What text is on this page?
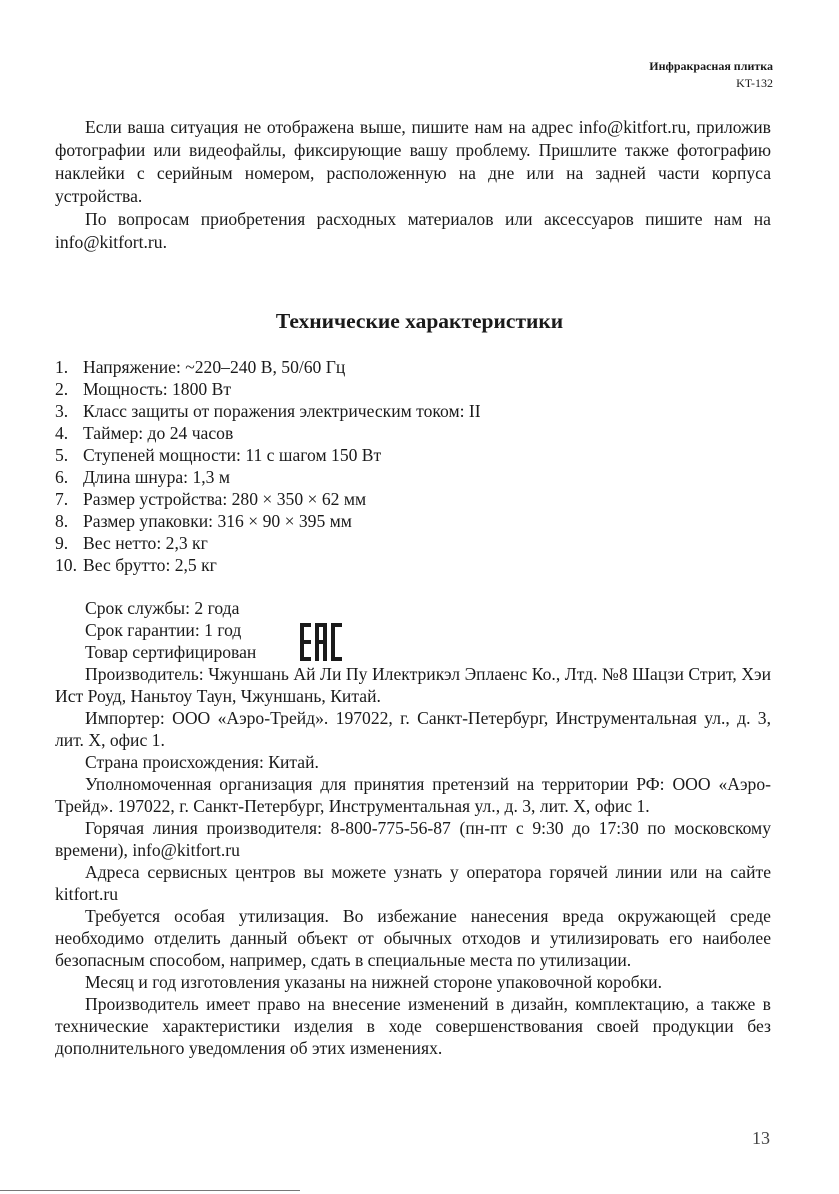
Инфракрасная плитка
KT-132

Если ваша ситуация не отображена выше, пишите нам на адрес info@kitfort.ru, приложив фотографии или видеофайлы, фиксирующие вашу проблему. Пришлите также фотографию наклейки с серийным номером, расположенную на дне или на задней части корпуса устройства.

По вопросам приобретения расходных материалов или аксессуаров пишите нам на info@kitfort.ru.

Технические характеристики
1. Напряжение: ~220–240 В, 50/60 Гц
2. Мощность: 1800 Вт
3. Класс защиты от поражения электрическим током: II
4. Таймер: до 24 часов
5. Ступеней мощности: 11 с шагом 150 Вт
6. Длина шнура: 1,3 м
7. Размер устройства: 280 × 350 × 62 мм
8. Размер упаковки: 316 × 90 × 395 мм
9. Вес нетто: 2,3 кг
10. Вес брутто: 2,5 кг
Срок службы: 2 года
Срок гарантии: 1 год
Товар сертифицирован

Производитель: Чжуншань Ай Ли Пу Илектрикэл Эплаенс Ко., Лтд. №8 Шацзи Стрит, Хэи Ист Роуд, Наньтоу Таун, Чжуншань, Китай.

Импортер: ООО «Аэро-Трейд». 197022, г. Санкт-Петербург, Инструментальная ул., д. 3, лит. Х, офис 1.

Страна происхождения: Китай.

Уполномоченная организация для принятия претензий на территории РФ: ООО «Аэро-Трейд». 197022, г. Санкт-Петербург, Инструментальная ул., д. 3, лит. Х, офис 1.

Горячая линия производителя: 8-800-775-56-87 (пн-пт с 9:30 до 17:30 по московскому времени), info@kitfort.ru

Адреса сервисных центров вы можете узнать у оператора горячей линии или на сайте kitfort.ru

Требуется особая утилизация. Во избежание нанесения вреда окружающей среде необходимо отделить данный объект от обычных отходов и утилизировать его наиболее безопасным способом, например, сдать в специальные места по утилизации.

Месяц и год изготовления указаны на нижней стороне упаковочной коробки.

Производитель имеет право на внесение изменений в дизайн, комплектацию, а также в технические характеристики изделия в ходе совершенствования своей продукции без дополнительного уведомления об этих изменениях.

13
